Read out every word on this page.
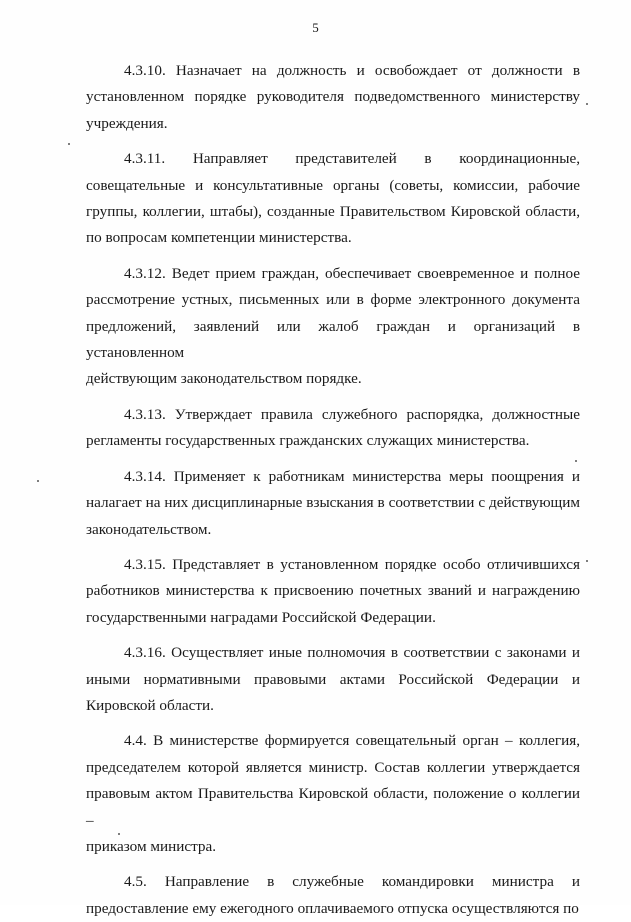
5
4.3.10. Назначает на должность и освобождает от должности в
установленном порядке руководителя подведомственного министерству
учреждения.
4.3.11. Направляет представителей в координационные,
совещательные и консультативные органы (советы, комиссии, рабочие
группы, коллегии, штабы), созданные Правительством Кировской области,
по вопросам компетенции министерства.
4.3.12. Ведет прием граждан, обеспечивает своевременное и полное
рассмотрение устных, письменных или в форме электронного документа
предложений, заявлений или жалоб граждан и организаций в установленном
действующим законодательством порядке.
4.3.13. Утверждает правила служебного распорядка, должностные
регламенты государственных гражданских служащих министерства.
4.3.14. Применяет к работникам министерства меры поощрения и
налагает на них дисциплинарные взыскания в соответствии с действующим
законодательством.
4.3.15. Представляет в установленном порядке особо отличившихся
работников министерства к присвоению почетных званий и награждению
государственными наградами Российской Федерации.
4.3.16. Осуществляет иные полномочия в соответствии с законами и
иными нормативными правовыми актами Российской Федерации и
Кировской области.
4.4. В министерстве формируется совещательный орган – коллегия,
председателем которой является министр. Состав коллегии утверждается
правовым актом Правительства Кировской области, положение о коллегии –
приказом министра.
4.5. Направление в служебные командировки министра и
предоставление ему ежегодного оплачиваемого отпуска осуществляются по
